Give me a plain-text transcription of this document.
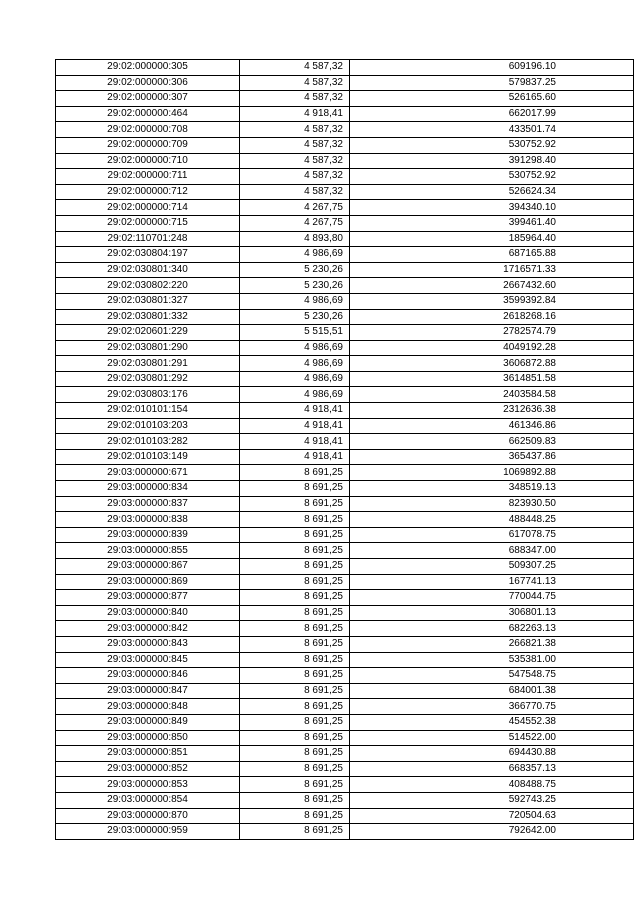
29:02:000000:305	4 587,32	609196.10
29:02:000000:306	4 587,32	579837.25
29:02:000000:307	4 587,32	526165.60
29:02:000000:464	4 918,41	662017.99
29:02:000000:708	4 587,32	433501.74
29:02:000000:709	4 587,32	530752.92
29:02:000000:710	4 587,32	391298.40
29:02:000000:711	4 587,32	530752.92
29:02:000000:712	4 587,32	526624.34
29:02:000000:714	4 267,75	394340.10
29:02:000000:715	4 267,75	399461.40
29:02:110701:248	4 893,80	185964.40
29:02:030804:197	4 986,69	687165.88
29:02:030801:340	5 230,26	1716571.33
29:02:030802:220	5 230,26	2667432.60
29:02:030801:327	4 986,69	3599392.84
29:02:030801:332	5 230,26	2618268.16
29:02:020601:229	5 515,51	2782574.79
29:02:030801:290	4 986,69	4049192.28
29:02:030801:291	4 986,69	3606872.88
29:02:030801:292	4 986,69	3614851.58
29:02:030803:176	4 986,69	2403584.58
29:02:010101:154	4 918,41	2312636.38
29:02:010103:203	4 918,41	461346.86
29:02:010103:282	4 918,41	662509.83
29:02:010103:149	4 918,41	365437.86
29:03:000000:671	8 691,25	1069892.88
29:03:000000:834	8 691,25	348519.13
29:03:000000:837	8 691,25	823930.50
29:03:000000:838	8 691,25	488448.25
29:03:000000:839	8 691,25	617078.75
29:03:000000:855	8 691,25	688347.00
29:03:000000:867	8 691,25	509307.25
29:03:000000:869	8 691,25	167741.13
29:03:000000:877	8 691,25	770044.75
29:03:000000:840	8 691,25	306801.13
29:03:000000:842	8 691,25	682263.13
29:03:000000:843	8 691,25	266821.38
29:03:000000:845	8 691,25	535381.00
29:03:000000:846	8 691,25	547548.75
29:03:000000:847	8 691,25	684001.38
29:03:000000:848	8 691,25	366770.75
29:03:000000:849	8 691,25	454552.38
29:03:000000:850	8 691,25	514522.00
29:03:000000:851	8 691,25	694430.88
29:03:000000:852	8 691,25	668357.13
29:03:000000:853	8 691,25	408488.75
29:03:000000:854	8 691,25	592743.25
29:03:000000:870	8 691,25	720504.63
29:03:000000:959	8 691,25	792642.00
